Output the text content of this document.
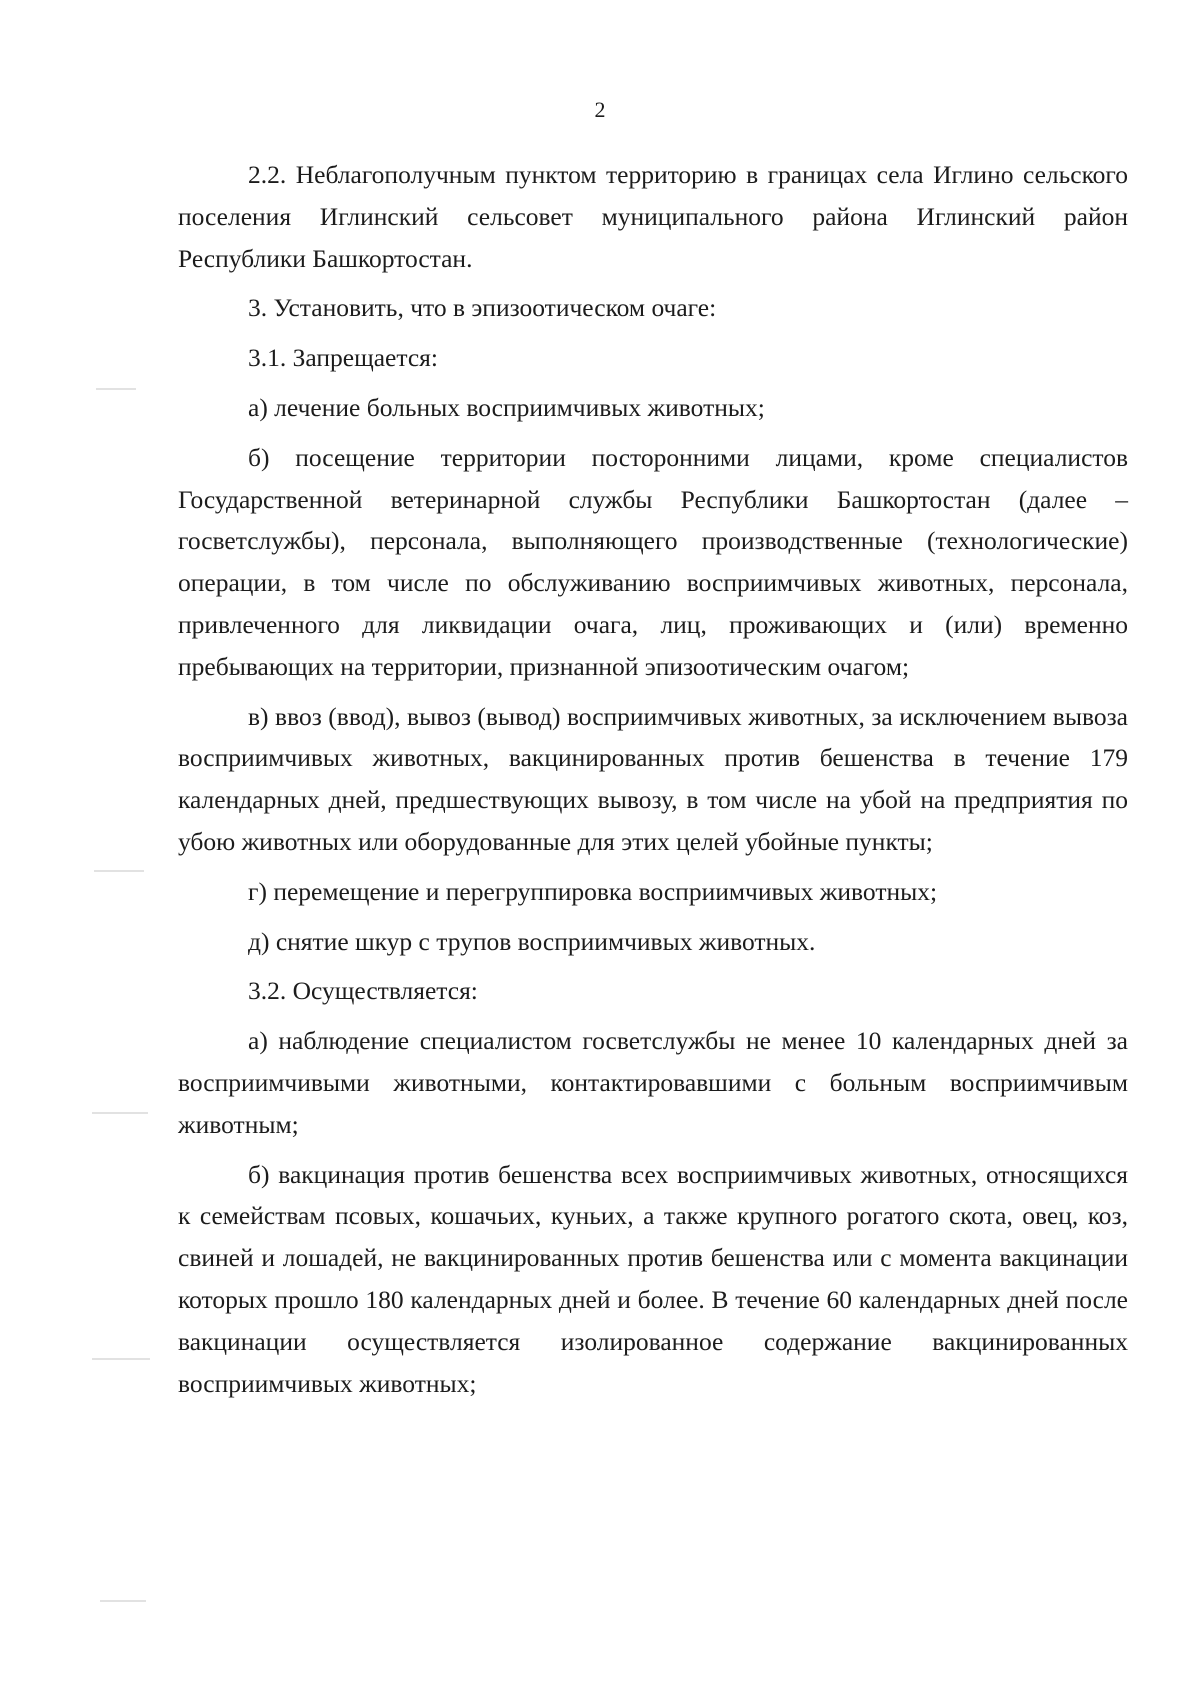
2

2.2. Неблагополучным пунктом территорию в границах села Иглино сельского поселения Иглинский сельсовет муниципального района Иглинский район Республики Башкортостан.

3. Установить, что в эпизоотическом очаге:

3.1. Запрещается:

а) лечение больных восприимчивых животных;

б) посещение территории посторонними лицами, кроме специалистов Государственной ветеринарной службы Республики Башкортостан (далее – госветслужбы), персонала, выполняющего производственные (технологические) операции, в том числе по обслуживанию восприимчивых животных, персонала, привлеченного для ликвидации очага, лиц, проживающих и (или) временно пребывающих на территории, признанной эпизоотическим очагом;

в) ввоз (ввод), вывоз (вывод) восприимчивых животных, за исключением вывоза восприимчивых животных, вакцинированных против бешенства в течение 179 календарных дней, предшествующих вывозу, в том числе на убой на предприятия по убою животных или оборудованные для этих целей убойные пункты;

г) перемещение и перегруппировка восприимчивых животных;

д) снятие шкур с трупов восприимчивых животных.

3.2. Осуществляется:

а) наблюдение специалистом госветслужбы не менее 10 календарных дней за восприимчивыми животными, контактировавшими с больным восприимчивым животным;

б) вакцинация против бешенства всех восприимчивых животных, относящихся к семействам псовых, кошачьих, куньих, а также крупного рогатого скота, овец, коз, свиней и лошадей, не вакцинированных против бешенства или с момента вакцинации которых прошло 180 календарных дней и более. В течение 60 календарных дней после вакцинации осуществляется изолированное содержание вакцинированных восприимчивых животных;
